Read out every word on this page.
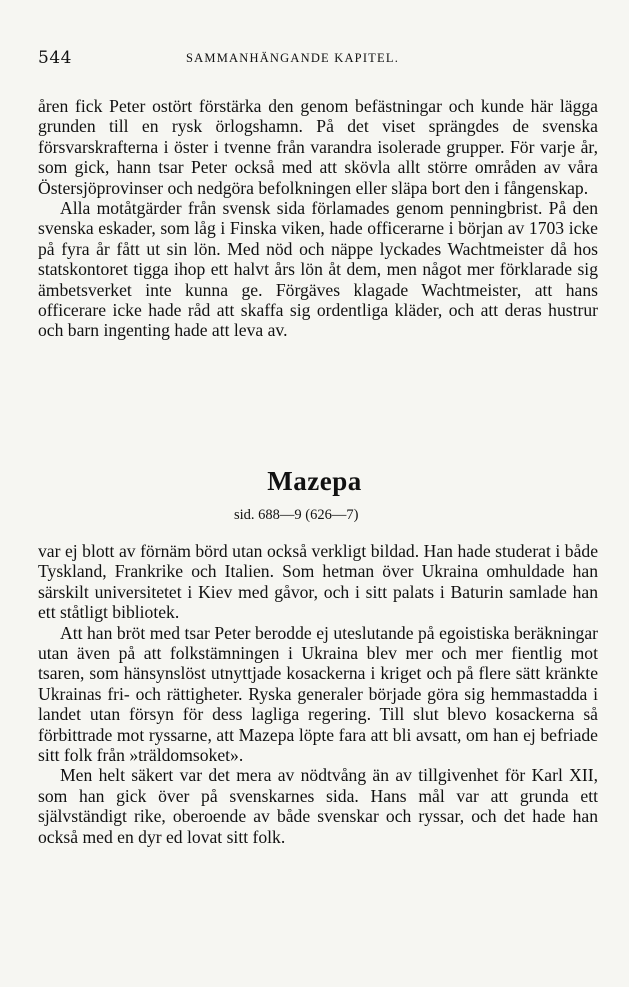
544	SAMMANHÄNGANDE KAPITEL.

åren fick Peter ostört förstärka den genom befästningar och kunde här lägga grunden till en rysk örlogshamn. På det viset sprängdes de svenska försvarskrafterna i öster i tvenne från varandra isolerade grupper. För varje år, som gick, hann tsar Peter också med att skövla allt större områden av våra Östersjöprovinser och nedgöra befolkningen eller släpa bort den i fångenskap.

Alla motåtgärder från svensk sida förlamades genom penningbrist. På den svenska eskader, som låg i Finska viken, hade officerarne i början av 1703 icke på fyra år fått ut sin lön. Med nöd och näppe lyckades Wachtmeister då hos statskontoret tigga ihop ett halvt års lön åt dem, men något mer förklarade sig ämbetsverket inte kunna ge. Förgäves klagade Wachtmeister, att hans officerare icke hade råd att skaffa sig ordentliga kläder, och att deras hustrur och barn ingenting hade att leva av.

Mazepa
sid. 688—9 (626—7)

var ej blott av förnäm börd utan också verkligt bildad. Han hade studerat i både Tyskland, Frankrike och Italien. Som hetman över Ukraina omhuldade han särskilt universitetet i Kiev med gåvor, och i sitt palats i Baturin samlade han ett ståtligt bibliotek.

Att han bröt med tsar Peter berodde ej uteslutande på egoistiska beräkningar utan även på att folkstämningen i Ukraina blev mer och mer fientlig mot tsaren, som hänsynslöst utnyttjade kosackerna i kriget och på flere sätt kränkte Ukrainas fri- och rättigheter. Ryska generaler började göra sig hemmastadda i landet utan försyn för dess lagliga regering. Till slut blevo kosackerna så förbittrade mot ryssarne, att Mazepa löpte fara att bli avsatt, om han ej befriade sitt folk från »träldomsoket».

Men helt säkert var det mera av nödtvång än av tillgivenhet för Karl XII, som han gick över på svenskarnes sida. Hans mål var att grunda ett självständigt rike, oberoende av både svenskar och ryssar, och det hade han också med en dyr ed lovat sitt folk.
